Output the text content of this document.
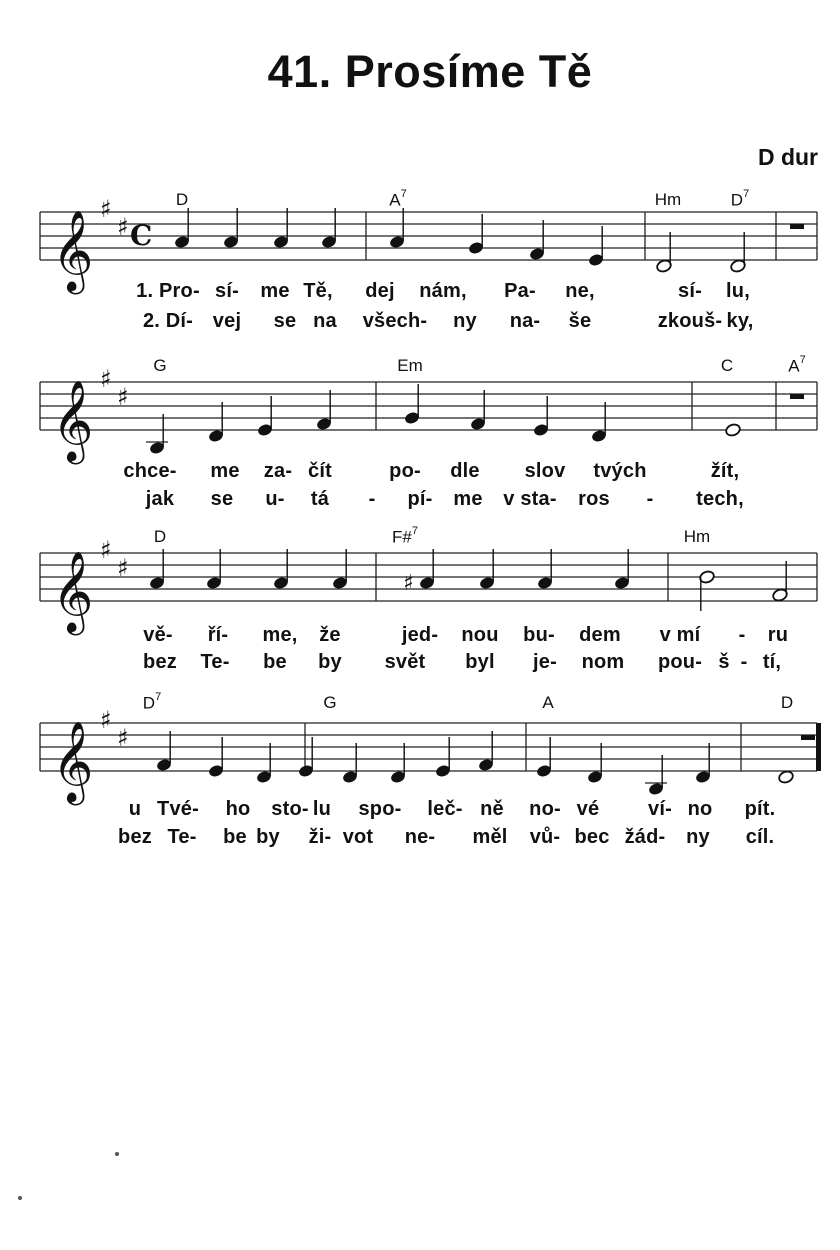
41. Prosíme Tě
D dur
𝄞 ♯
♯ C
𝄞 ♯
♯
𝄞 ♯
♯
♯
𝄞 ♯
♯
D	$A^7$	Hm	$D^7$
1. Pro- sí- me Tě, dej nám, Pa- ne,	sí- lu,
2. Dí- vej se na všech- ny na- še	zkouš- ky,
G	Em	C	$A^7$
chce- me za- čít	po- dle slov tvých	žít,
jak se u- tá - pí- me v sta- ros - tech,
D	F#$^7$	Hm
vě- ří- me, že	jed- nou bu- dem v mí - ru
bez Te- be by svět byl je- nom pou- š - tí,
$D^7$	G	A	D
u Tvé- ho sto- lu spo- leč- ně no- vé ví- no pít.
bez Te- be by ži- vot ne- měl vů- bec žád- ny cíl.
